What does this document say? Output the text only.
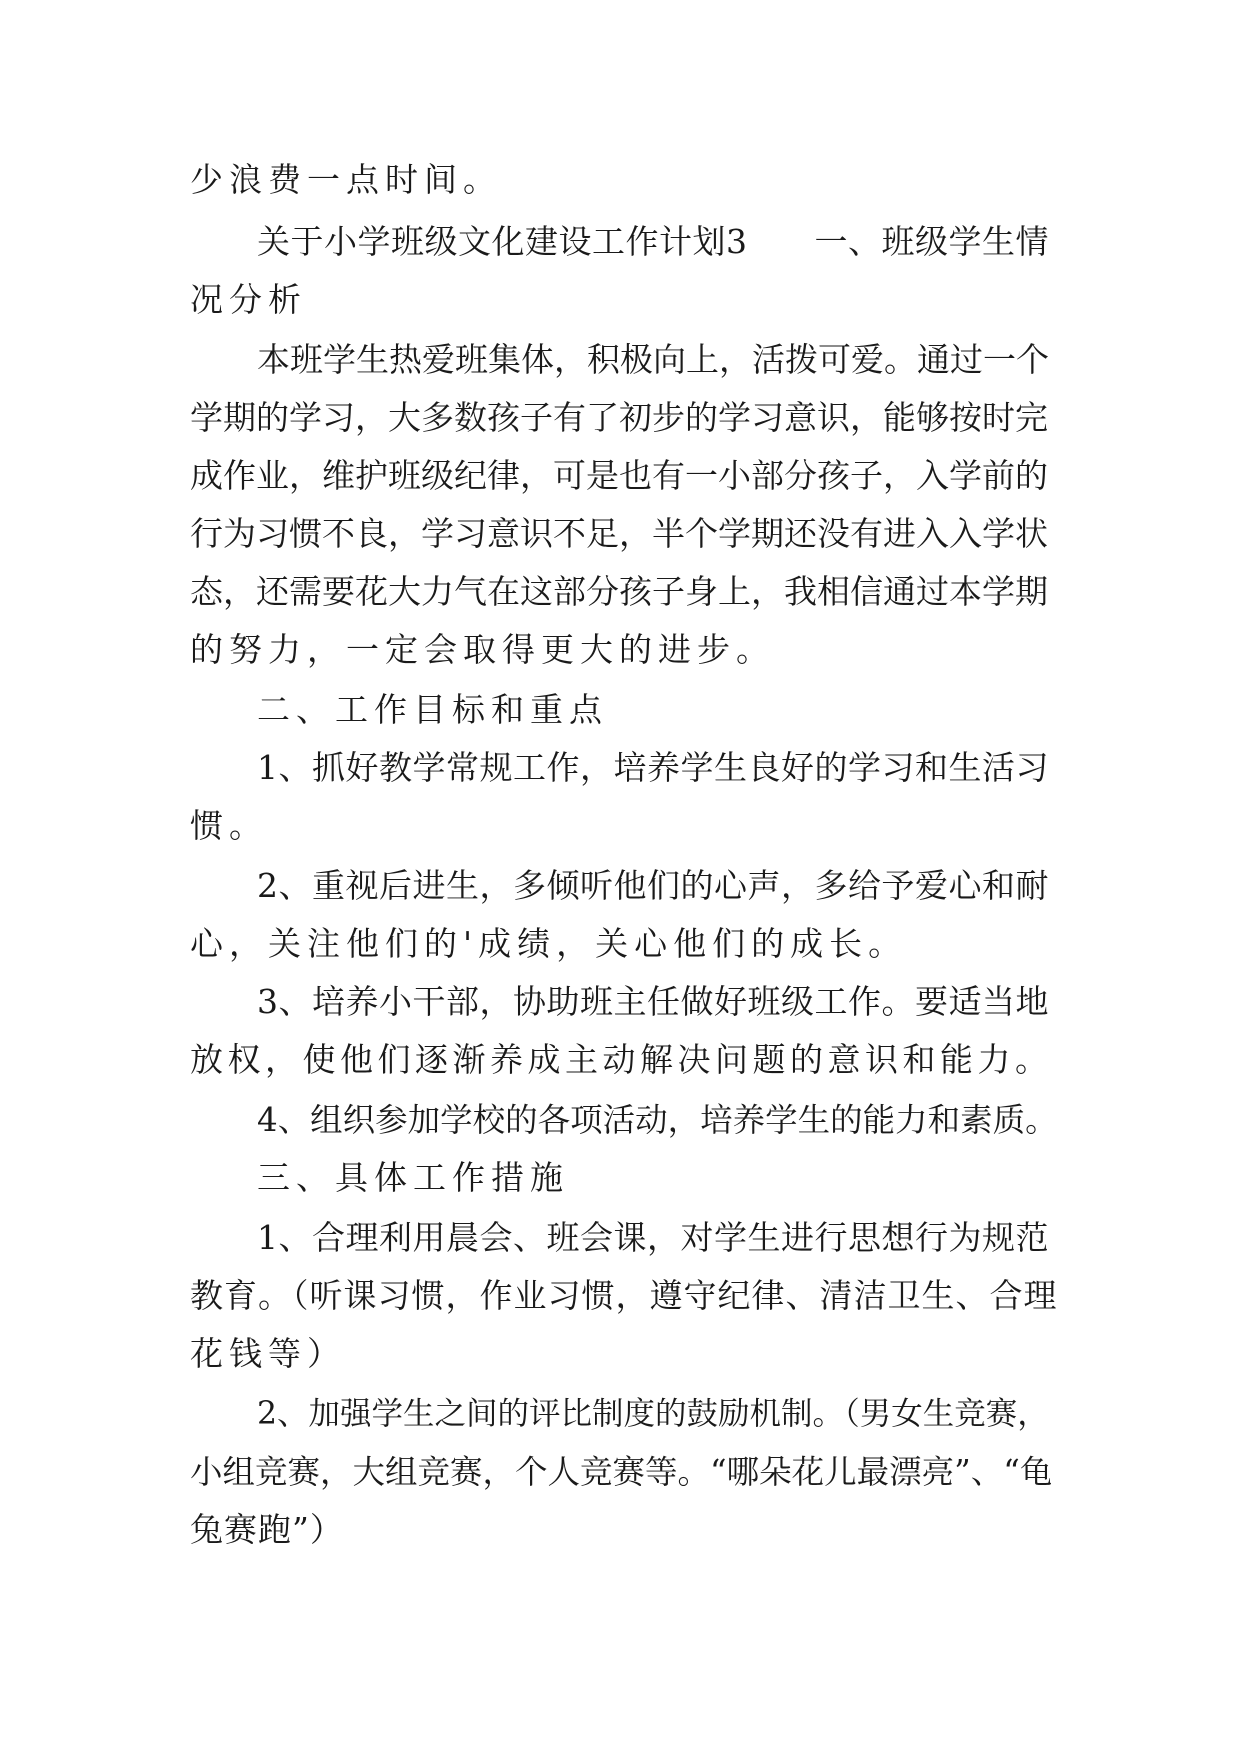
少浪费一点时间。
关于小学班级文化建设工作计划3　　一、班级学生情
况分析
本班学生热爱班集体，积极向上，活拨可爱。通过一个
学期的学习，大多数孩子有了初步的学习意识，能够按时完
成作业，维护班级纪律，可是也有一小部分孩子，入学前的
行为习惯不良，学习意识不足，半个学期还没有进入入学状
态，还需要花大力气在这部分孩子身上，我相信通过本学期
的努力，一定会取得更大的进步。
二、工作目标和重点
1、抓好教学常规工作，培养学生良好的学习和生活习
惯。
2、重视后进生，多倾听他们的心声，多给予爱心和耐
心，关注他们的'成绩，关心他们的成长。
3、培养小干部，协助班主任做好班级工作。要适当地
放权，使他们逐渐养成主动解决问题的意识和能力。
4、组织参加学校的各项活动，培养学生的能力和素质。
三、具体工作措施
1、合理利用晨会、班会课，对学生进行思想行为规范
教育。（听课习惯，作业习惯，遵守纪律、清洁卫生、合理
花钱等）
2、加强学生之间的评比制度的鼓励机制。（男女生竞赛，
小组竞赛，大组竞赛，个人竞赛等。“哪朵花儿最漂亮”、“龟
兔赛跑”）
